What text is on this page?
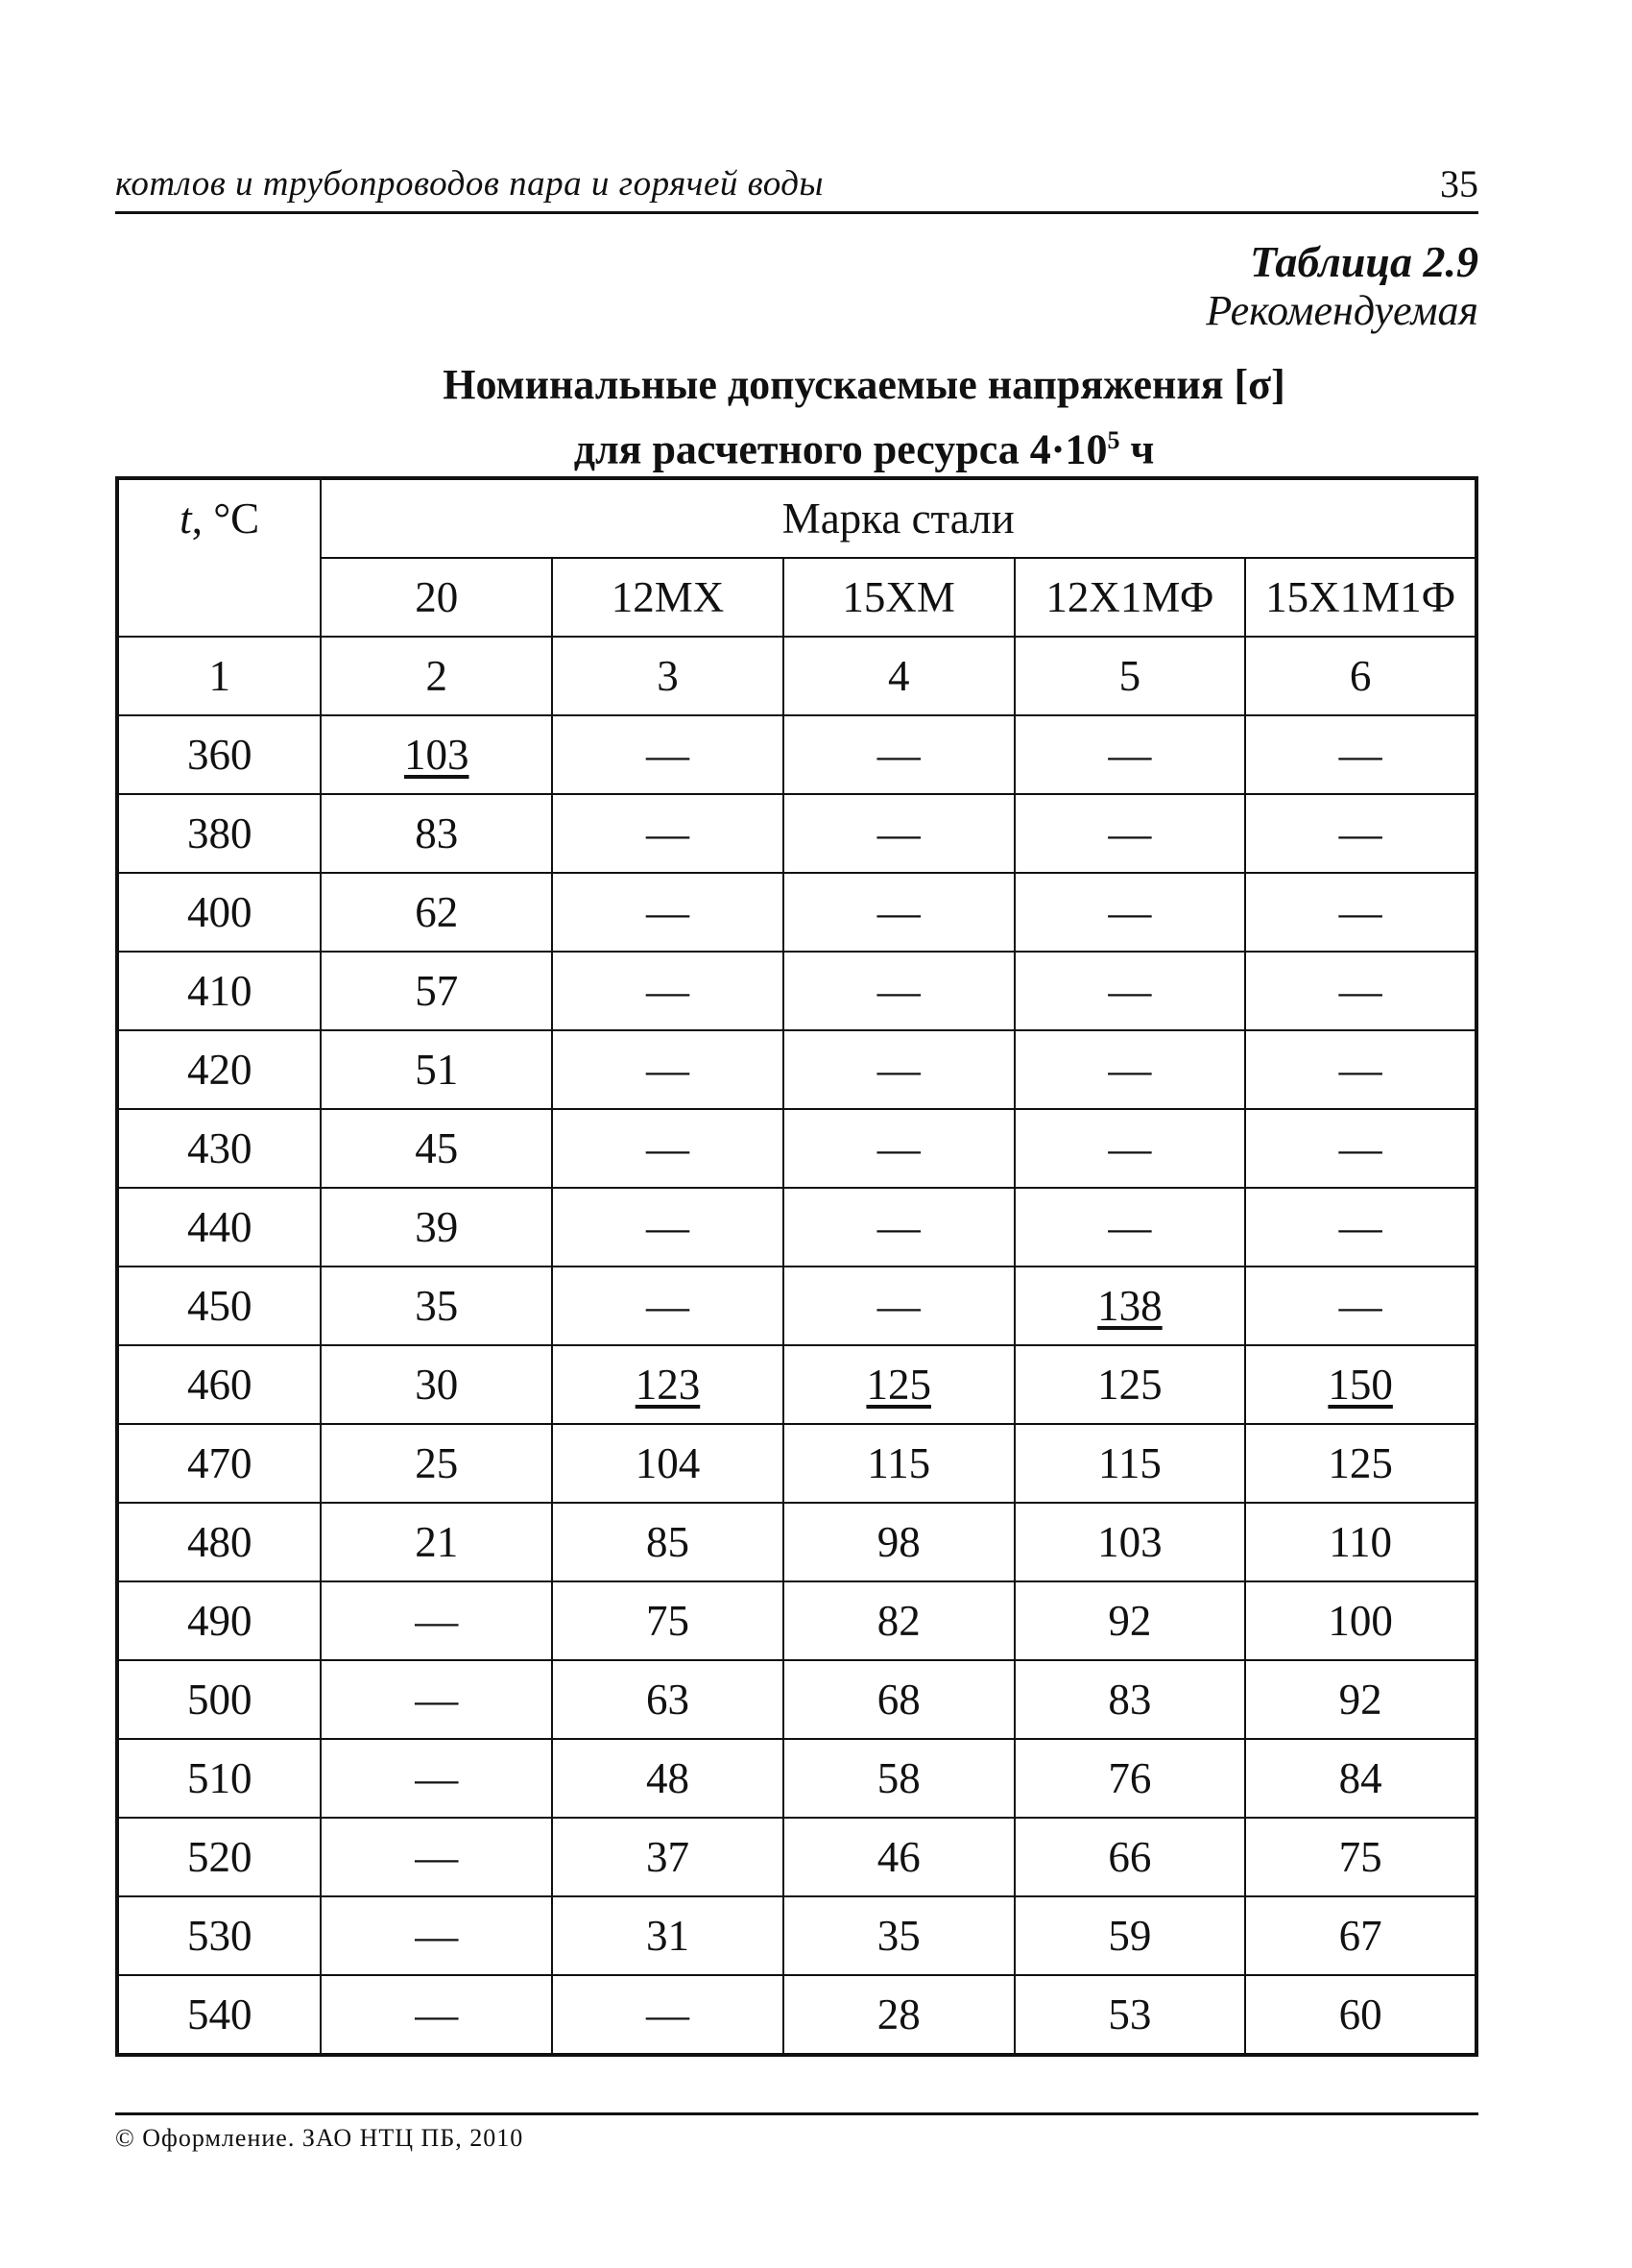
котлов и трубопроводов пара и горячей воды	35
Таблица 2.9
Рекомендуемая
Номинальные допускаемые напряжения [σ]
для расчетного ресурса $4\cdot 10^5$ ч
t, °С	Марка стали				
	20	12МХ	15ХМ	12Х1МФ	15Х1М1Ф
1	2	3	4	5	6
360	103	—	—	—	—
380	83	—	—	—	—
400	62	—	—	—	—
410	57	—	—	—	—
420	51	—	—	—	—
430	45	—	—	—	—
440	39	—	—	—	—
450	35	—	—	138	—
460	30	123	125	125	150
470	25	104	115	115	125
480	21	85	98	103	110
490	—	75	82	92	100
500	—	63	68	83	92
510	—	48	58	76	84
520	—	37	46	66	75
530	—	31	35	59	67
540	—	—	28	53	60
© Оформление. ЗАО НТЦ ПБ, 2010
